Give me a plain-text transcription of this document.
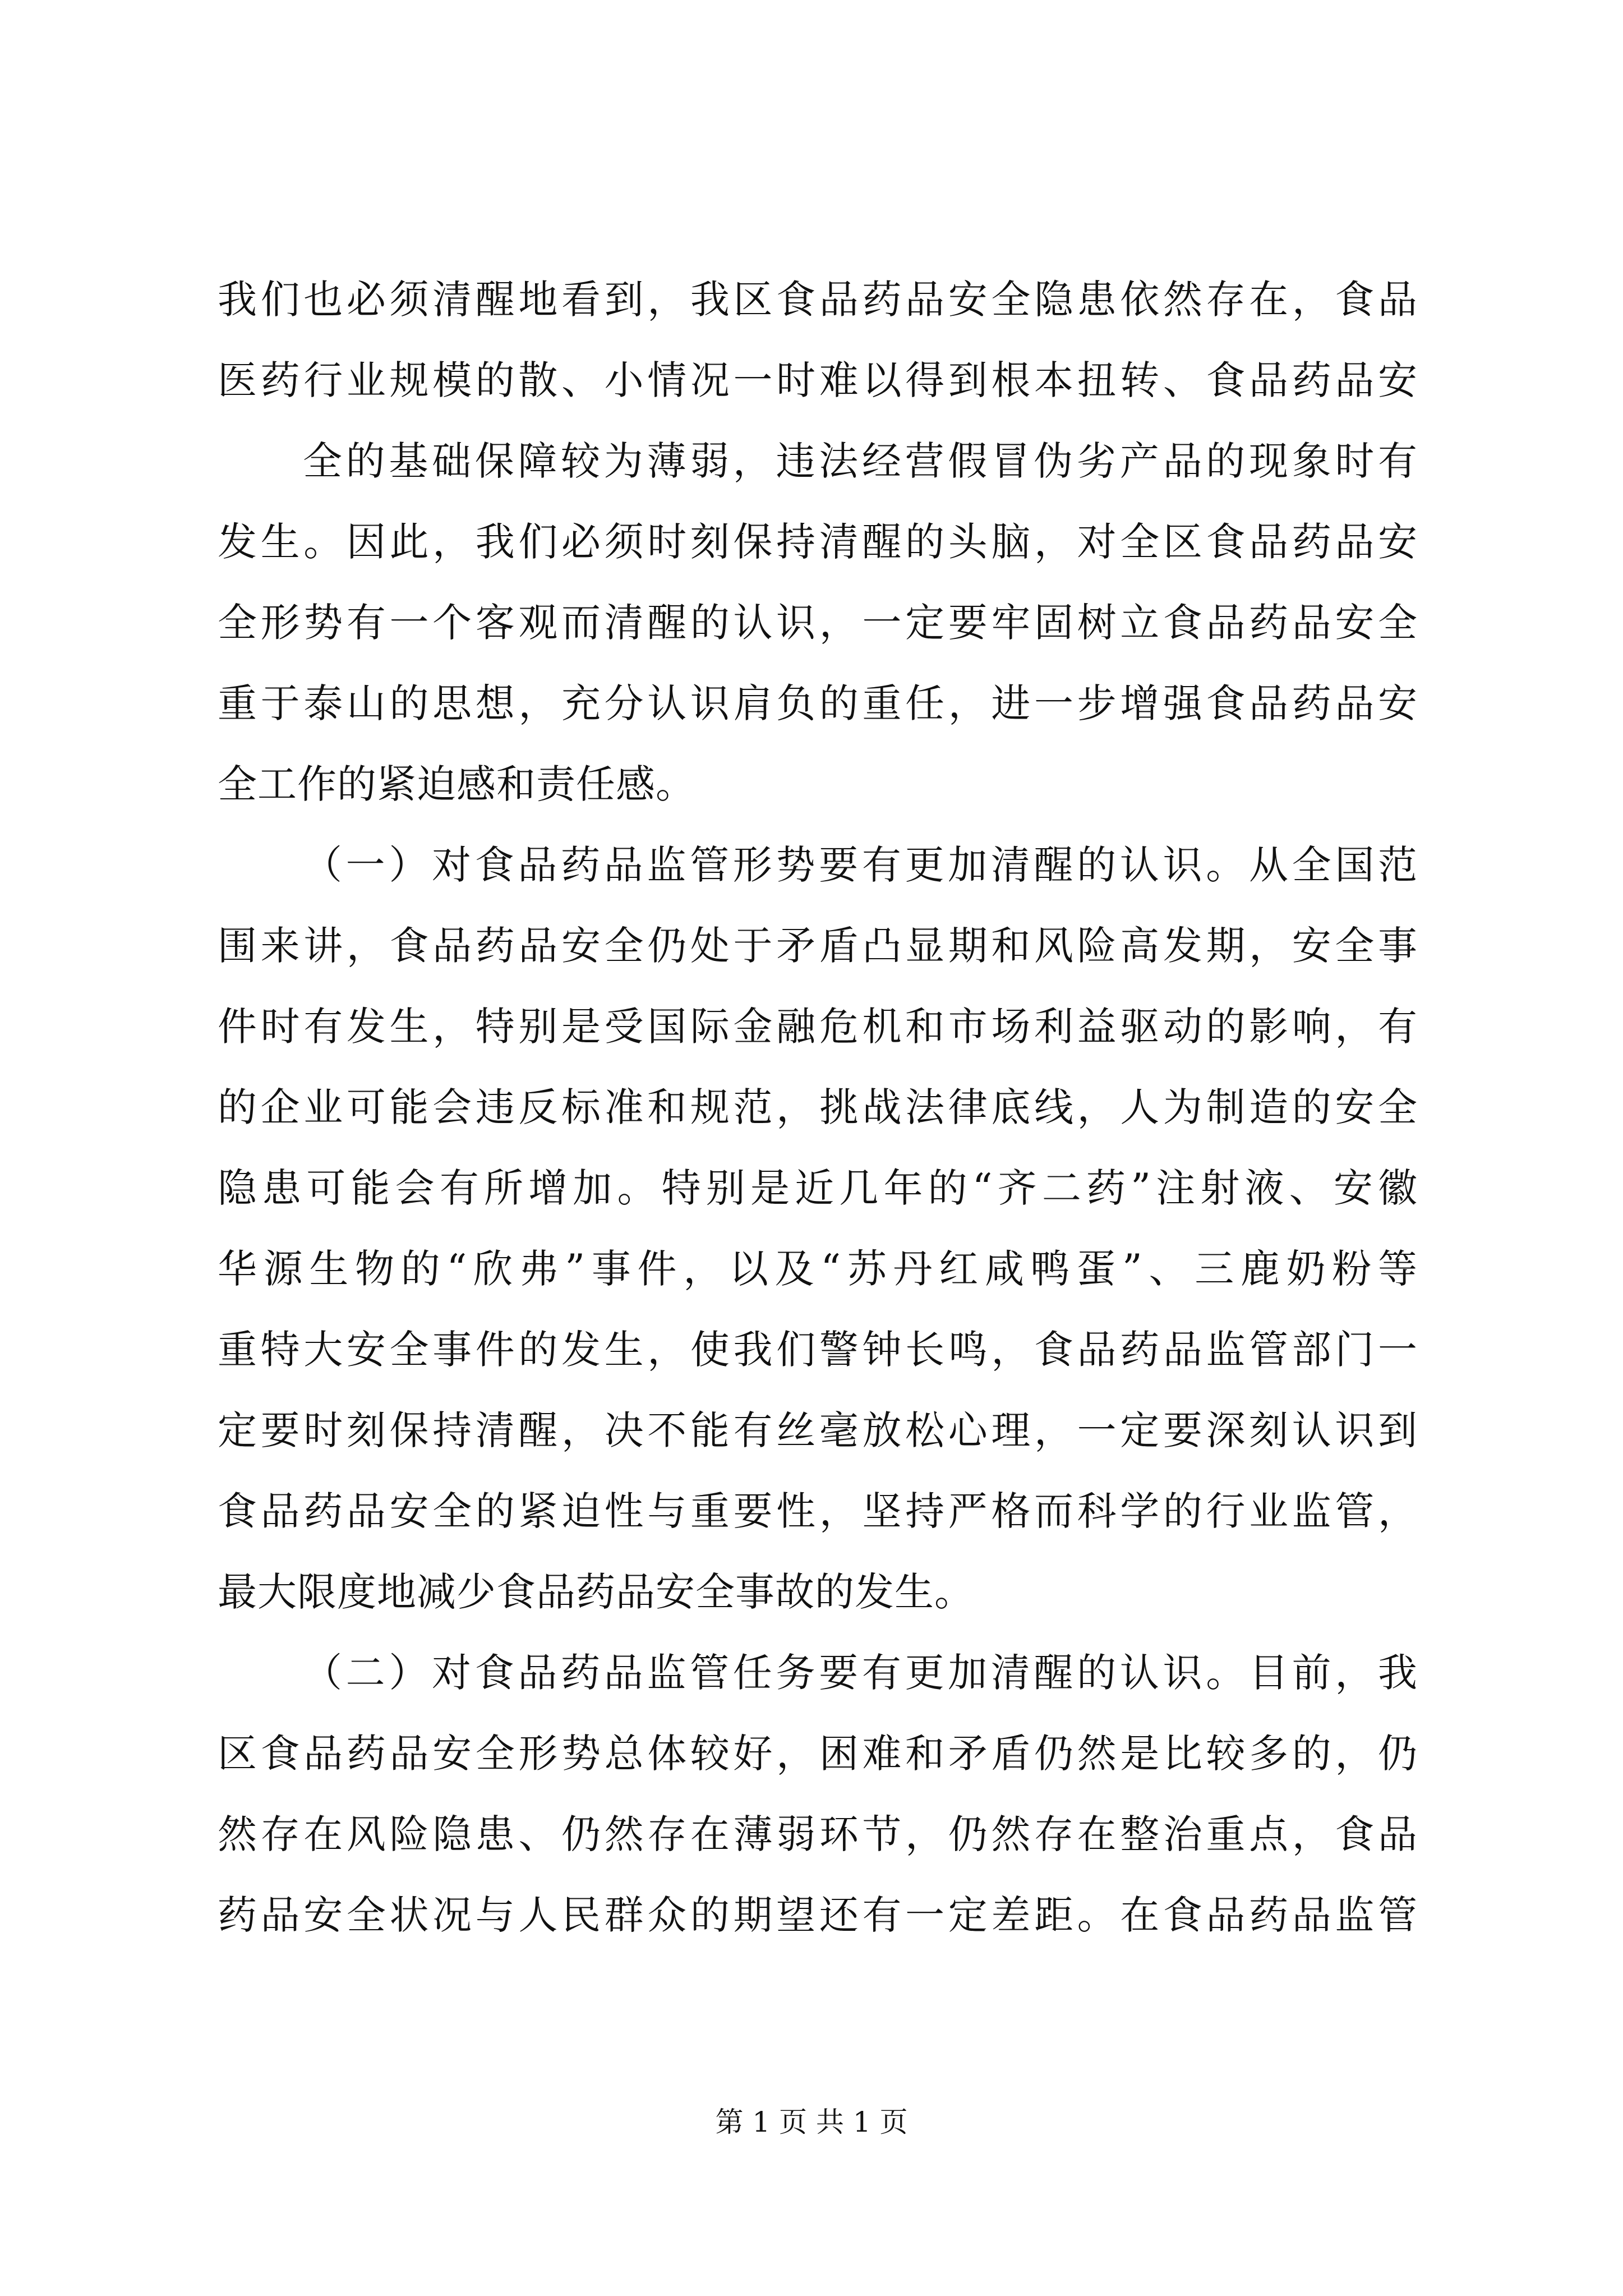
我们也必须清醒地看到，我区食品药品安全隐患依然存在，食品
医药行业规模的散、小情况一时难以得到根本扭转、食品药品安
全的基础保障较为薄弱，违法经营假冒伪劣产品的现象时有
发生。因此，我们必须时刻保持清醒的头脑，对全区食品药品安
全形势有一个客观而清醒的认识，一定要牢固树立食品药品安全
重于泰山的思想，充分认识肩负的重任，进一步增强食品药品安
全工作的紧迫感和责任感。
（一）对食品药品监管形势要有更加清醒的认识。从全国范
围来讲，食品药品安全仍处于矛盾凸显期和风险高发期，安全事
件时有发生，特别是受国际金融危机和市场利益驱动的影响，有
的企业可能会违反标准和规范，挑战法律底线，人为制造的安全
隐患可能会有所增加。特别是近几年的“齐二药”注射液、安徽
华源生物的“欣弗”事件，以及“苏丹红咸鸭蛋”、三鹿奶粉等
重特大安全事件的发生，使我们警钟长鸣，食品药品监管部门一
定要时刻保持清醒，决不能有丝毫放松心理，一定要深刻认识到
食品药品安全的紧迫性与重要性，坚持严格而科学的行业监管，
最大限度地减少食品药品安全事故的发生。
（二）对食品药品监管任务要有更加清醒的认识。目前，我
区食品药品安全形势总体较好，困难和矛盾仍然是比较多的，仍
然存在风险隐患、仍然存在薄弱环节，仍然存在整治重点，食品
药品安全状况与人民群众的期望还有一定差距。在食品药品监管
第 1 页 共 1 页
